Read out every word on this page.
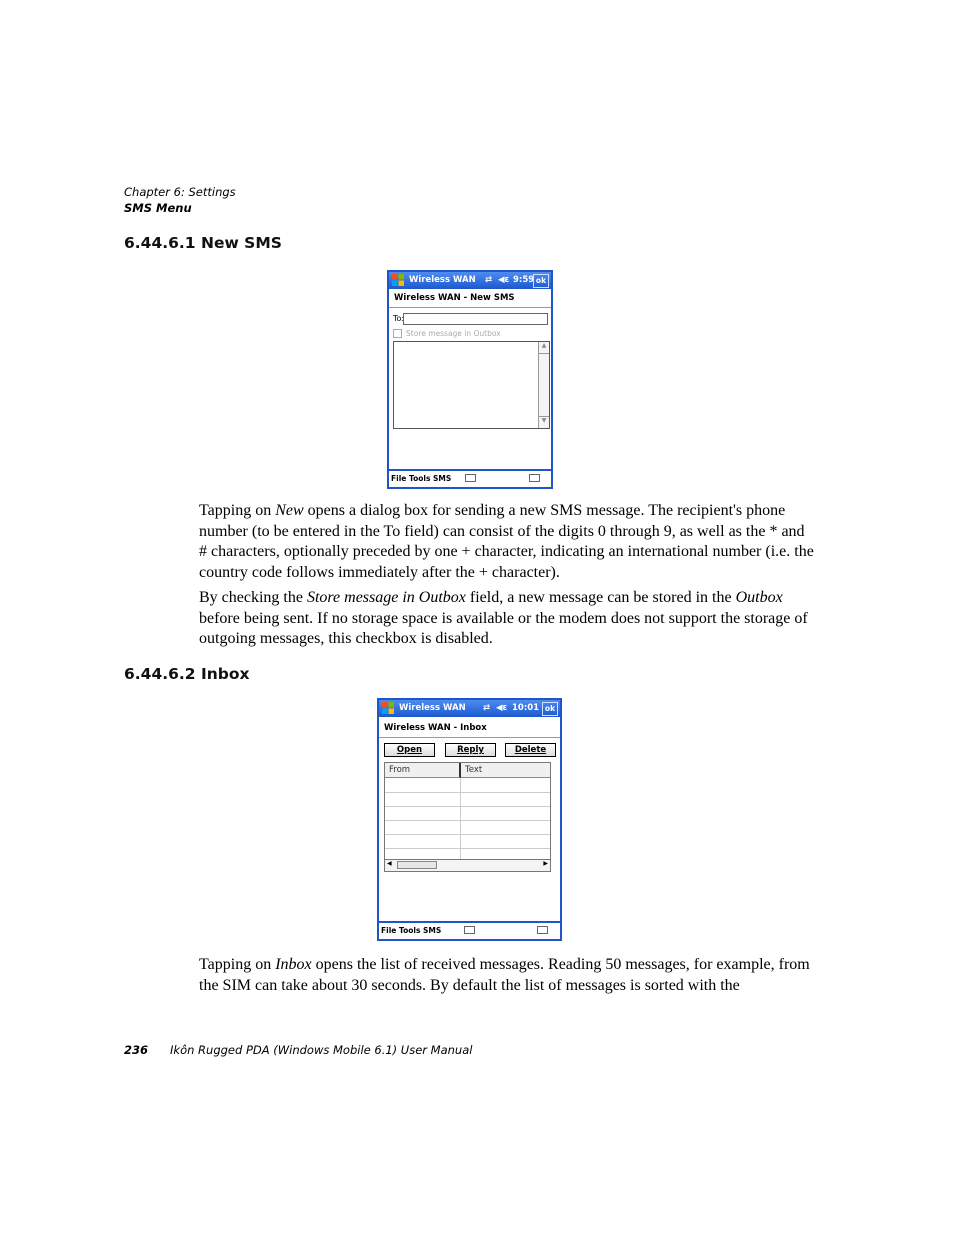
Chapter 6: Settings
SMS Menu
6.44.6.1 New SMS
Wireless WAN ⇄ ◀ε 9:59 ok
Wireless WAN - New SMS
To:
Store message in Outbox
▲
▼
File Tools SMS

Tapping on New opens a dialog box for sending a new SMS message. The recipient's phone number (to be entered in the To field) can consist of the digits 0 through 9, as well as the * and # characters, optionally preceded by one + character, indicating an international number (i.e. the country code follows immediately after the + character).

By checking the Store message in Outbox field, a new message can be stored in the Outbox before being sent. If no storage space is available or the modem does not support the storage of outgoing messages, this checkbox is disabled.

6.44.6.2 Inbox
Wireless WAN ⇄ ◀ε 10:01 ok
Wireless WAN - Inbox
Open	Reply	Delete
From	Text
◀	▶
File Tools SMS

Tapping on Inbox opens the list of received messages. Reading 50 messages, for example, from the SIM can take about 30 seconds. By default the list of messages is sorted with the

236 Ikôn Rugged PDA (Windows Mobile 6.1) User Manual
